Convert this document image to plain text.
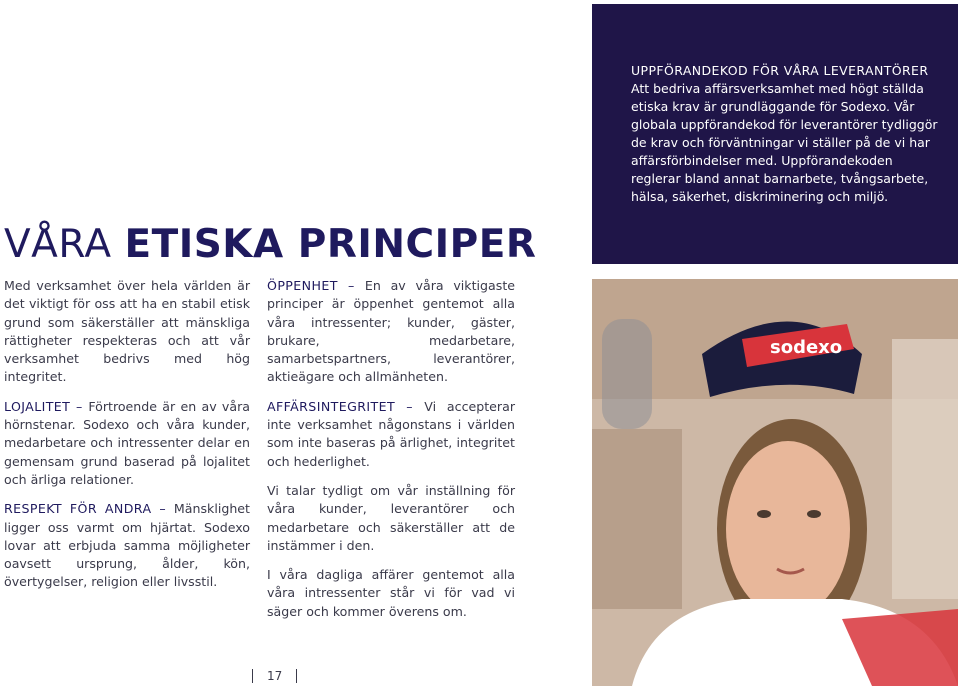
UPPFÖRANDEKOD FÖR VÅRA LEVERANTÖRER
Att bedriva affärsverksamhet med högt ställda etiska krav är grundläggande för Sodexo. Vår globala uppförandekod för leverantörer tydliggör de krav och förväntningar vi ställer på de vi har affärsförbindelser med. Uppförandekoden reglerar bland annat barnarbete, tvångsarbete, hälsa, säkerhet, diskriminering och miljö.
VÅRA ETISKA PRINCIPER

Med verksamhet över hela världen är det viktigt för oss att ha en stabil etisk grund som säkerställer att mänskliga rättigheter respekteras och att vår verksamhet bedrivs med hög integritet.

LOJALITET – Förtroende är en av våra hörnstenar. Sodexo och våra kunder, medarbetare och intressenter delar en gemensam grund baserad på lojalitet och ärliga relationer.

RESPEKT FÖR ANDRA – Mänsklighet ligger oss varmt om hjärtat. Sodexo lovar att erbjuda samma möjligheter oavsett ursprung, ålder, kön, övertygelser, religion eller livsstil.

ÖPPENHET – En av våra viktigaste principer är öppenhet gentemot alla våra intressenter; kunder, gäster, brukare, medarbetare, samarbetspartners, leverantörer, aktieägare och allmänheten.

AFFÄRSINTEGRITET – Vi accepterar inte verksamhet någonstans i världen som inte baseras på ärlighet, integritet och hederlighet.

Vi talar tydligt om vår inställning för våra kunder, leverantörer och medarbetare och säkerställer att de instämmer i den.

I våra dagliga affärer gentemot alla våra intressenter står vi för vad vi säger och kommer överens om.

sodexo
17
